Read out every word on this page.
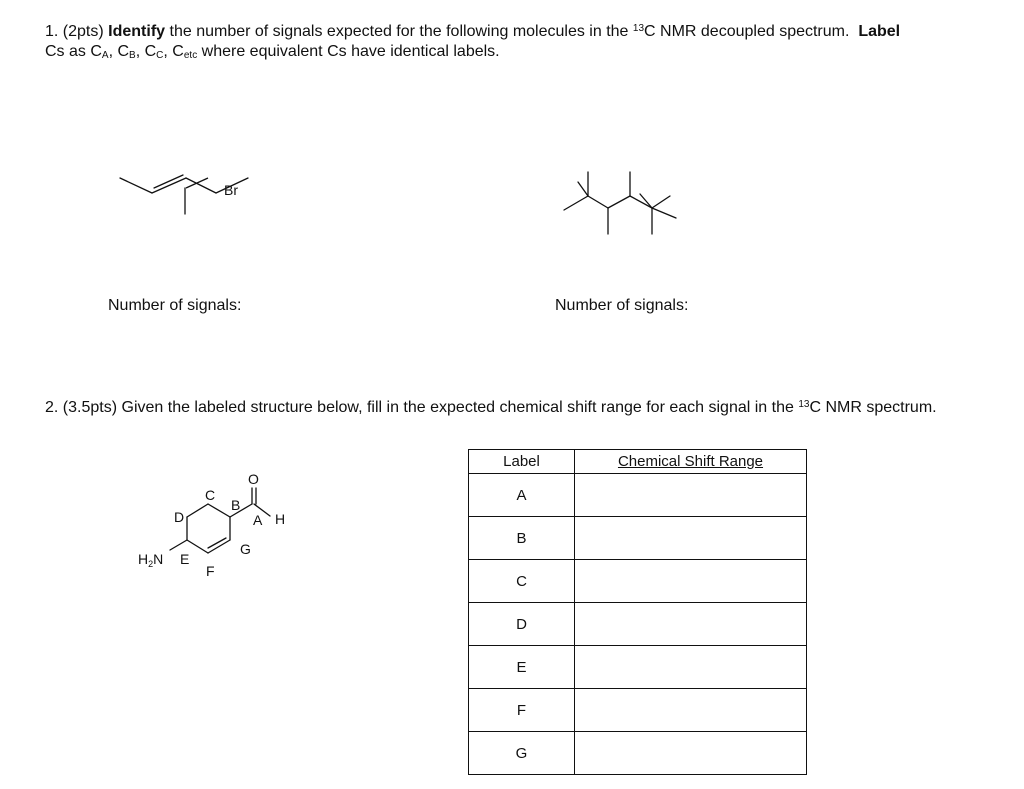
1. (2pts) Identify the number of signals expected for the following molecules in the $^{13}$C NMR decoupled spectrum. Label
Cs as $C_A$, $C_B$, $C_C$, $C_{etc}$ where equivalent Cs have identical labels.
Br
Number of signals:	Number of signals:
2. (3.5pts) Given the labeled structure below, fill in the expected chemical shift range for each signal in the $^{13}$C NMR spectrum.
O
H
$H_2N$
A
B
C
D
E
F
G
Label	Chemical Shift Range
A	
B	
C	
D	
E	
F	
G	
